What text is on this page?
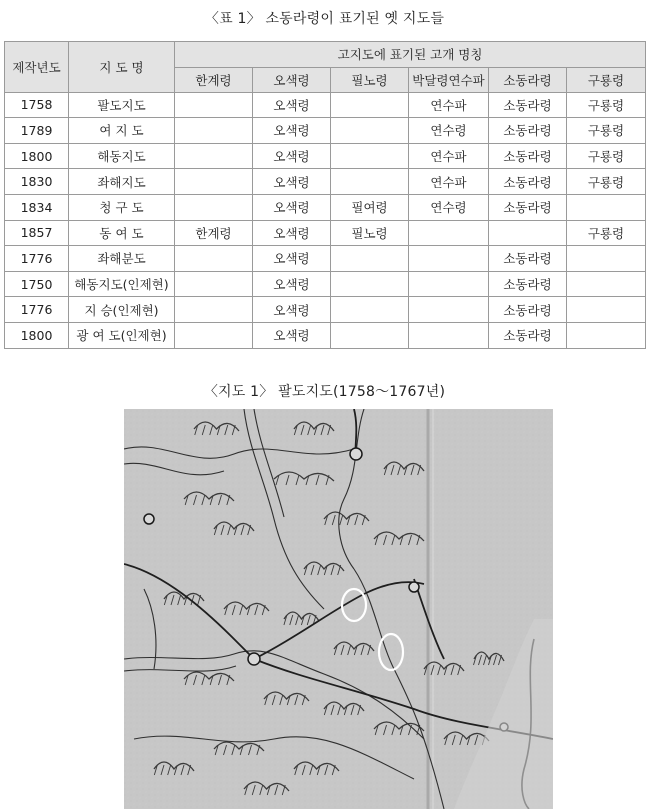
〈표 1〉 소동라령이 표기된 옛 지도들
제작년도	지 도 명	고지도에 표기된 고개 명칭					
		한계령	오색령	필노령	박달령연수파	소동라령	구룡령
1758	팔도지도		오색령		연수파	소동라령	구룡령
1789	여 지 도		오색령		연수령	소동라령	구룡령
1800	해동지도		오색령		연수파	소동라령	구룡령
1830	좌해지도		오색령		연수파	소동라령	구룡령
1834	청 구 도		오색령	필여령	연수령	소동라령	
1857	동 여 도	한계령	오색령	필노령			구룡령
1776	좌해분도		오색령			소동라령	
1750	해동지도(인제현)		오색령			소동라령	
1776	지 승(인제현)		오색령			소동라령	
1800	광 여 도(인제현)		오색령			소동라령	
〈지도 1〉 팔도지도(1758～1767년)
